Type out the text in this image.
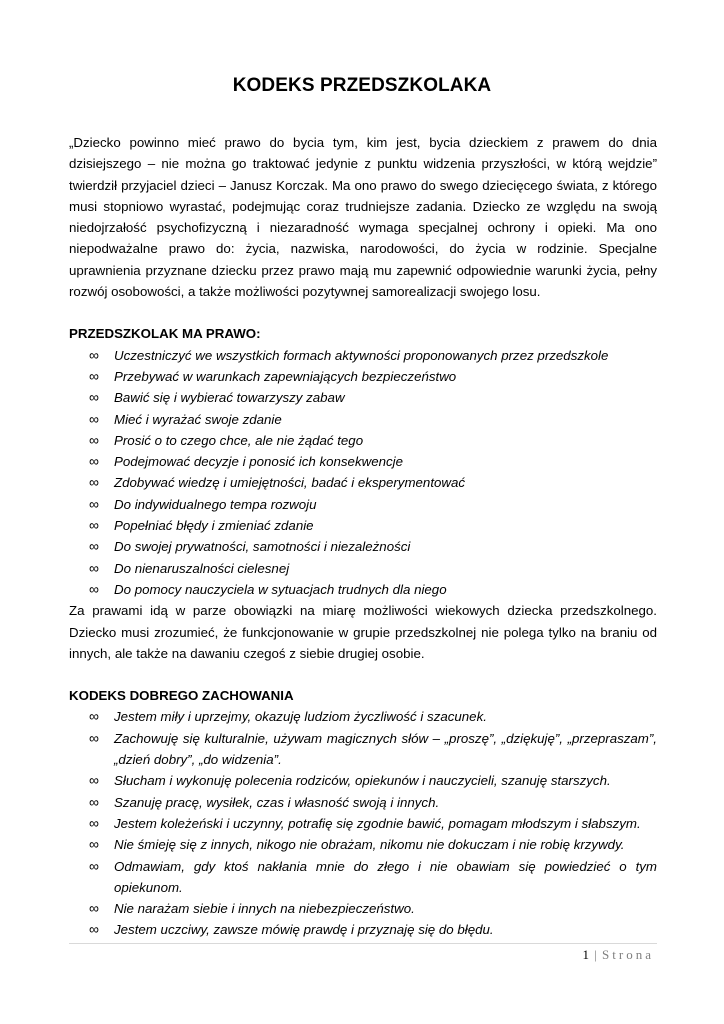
KODEKS PRZEDSZKOLAKA

„Dziecko powinno mieć prawo do bycia tym, kim jest, bycia dzieckiem z prawem do dnia dzisiejszego – nie można go traktować jedynie z punktu widzenia przyszłości, w którą wejdzie” twierdził przyjaciel dzieci – Janusz Korczak. Ma ono prawo do swego dziecięcego świata, z którego musi stopniowo wyrastać, podejmując coraz trudniejsze zadania. Dziecko ze względu na swoją niedojrzałość psychofizyczną i niezaradność wymaga specjalnej ochrony i opieki. Ma ono niepodważalne prawo do: życia, nazwiska, narodowości, do życia w rodzinie. Specjalne uprawnienia przyznane dziecku przez prawo mają mu zapewnić odpowiednie warunki życia, pełny rozwój osobowości, a także możliwości pozytywnej samorealizacji swojego losu.

PRZEDSZKOLAK MA PRAWO:

∞ Uczestniczyć we wszystkich formach aktywności proponowanych przez przedszkole
∞ Przebywać w warunkach zapewniających bezpieczeństwo
∞ Bawić się i wybierać towarzyszy zabaw
∞ Mieć i wyrażać swoje zdanie
∞ Prosić o to czego chce, ale nie żądać tego
∞ Podejmować decyzje i ponosić ich konsekwencje
∞ Zdobywać wiedzę i umiejętności, badać i eksperymentować
∞ Do indywidualnego tempa rozwoju
∞ Popełniać błędy i zmieniać zdanie
∞ Do swojej prywatności, samotności i niezależności
∞ Do nienaruszalności cielesnej
∞ Do pomocy nauczyciela w sytuacjach trudnych dla niego

Za prawami idą w parze obowiązki na miarę możliwości wiekowych dziecka przedszkolnego. Dziecko musi zrozumieć, że funkcjonowanie w grupie przedszkolnej nie polega tylko na braniu od innych, ale także na dawaniu czegoś z siebie drugiej osobie.

KODEKS DOBREGO ZACHOWANIA

∞ Jestem miły i uprzejmy, okazuję ludziom życzliwość i szacunek.
∞ Zachowuję się kulturalnie, używam magicznych słów – „proszę”, „dziękuję”, „przepraszam”, „dzień dobry”, „do widzenia”.
∞ Słucham i wykonuję polecenia rodziców, opiekunów i nauczycieli, szanuję starszych.
∞ Szanuję pracę, wysiłek, czas i własność swoją i innych.
∞ Jestem koleżeński i uczynny, potrafię się zgodnie bawić, pomagam młodszym i słabszym.
∞ Nie śmieję się z innych, nikogo nie obrażam, nikomu nie dokuczam i nie robię krzywdy.
∞ Odmawiam, gdy ktoś nakłania mnie do złego i nie obawiam się powiedzieć o tym opiekunom.
∞ Nie narażam siebie i innych na niebezpieczeństwo.
∞ Jestem uczciwy, zawsze mówię prawdę i przyznaję się do błędu.
1 | Strona
